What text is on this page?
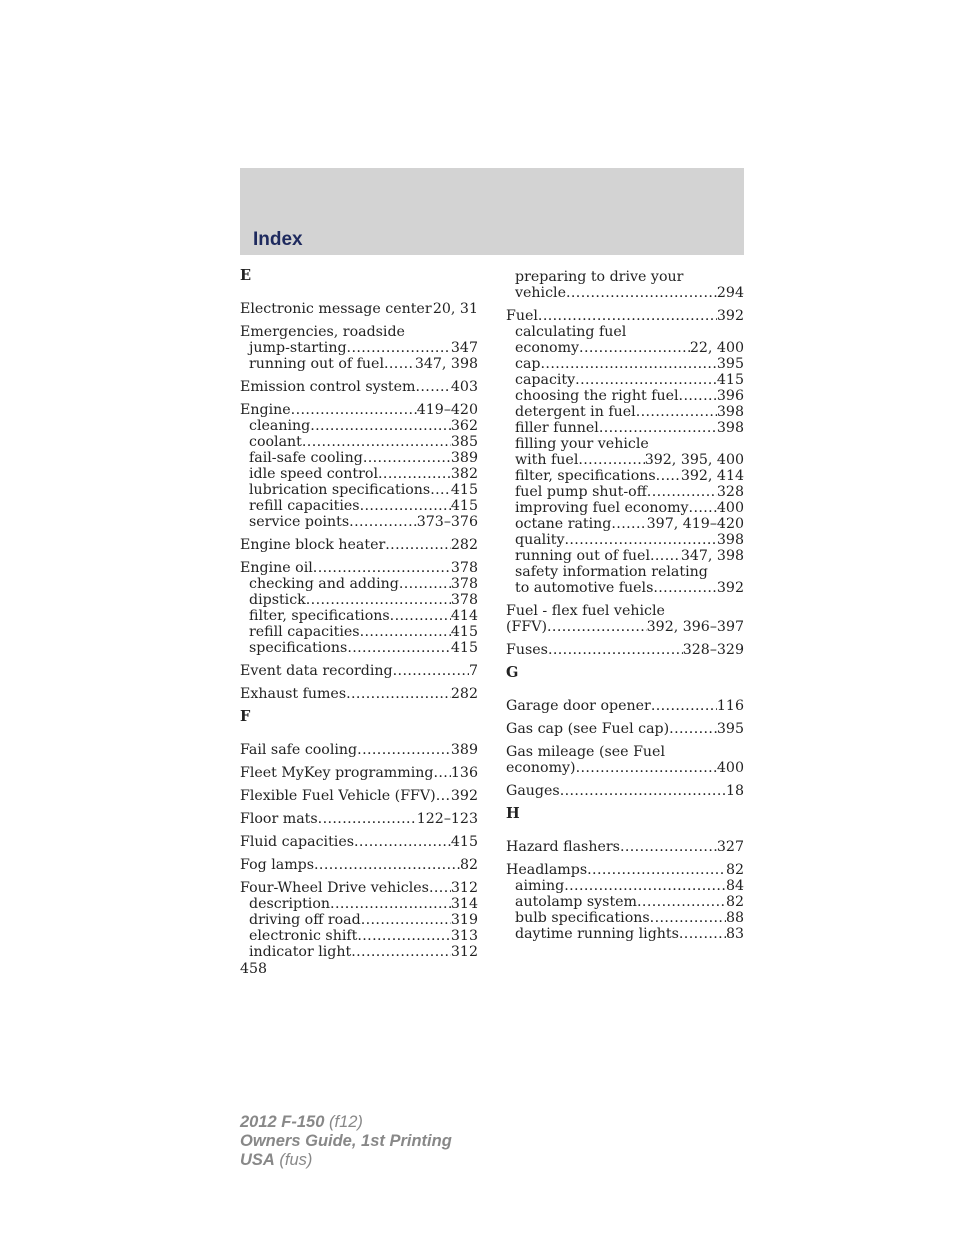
Index
E
Electronic message center ..... 20, 31
Emergencies, roadside
jump-starting .....	347
running out of fuel ..... 347, 398
Emission control system ..... 403
Engine .....	419–420
cleaning .....	362
coolant .....	385
fail-safe cooling .....	389
idle speed control .....	382
lubrication specifications ..... 415
refill capacities .....	415
service points .....	373–376
Engine block heater .....	282
Engine oil .....	378
checking and adding .....	378
dipstick .....	378
filter, specifications .....	414
refill capacities .....	415
specifications .....	415
Event data recording .....	7
Exhaust fumes .....	282
F
Fail safe cooling .....	389
Fleet MyKey programming ..... 136
Flexible Fuel Vehicle (FFV) ..... 392
Floor mats .....	122–123
Fluid capacities .....	415
Fog lamps .....	82
Four-Wheel Drive vehicles ..... 312
description .....	314
driving off road .....	319
electronic shift .....	313
indicator light .....	312
preparing to drive your
vehicle .....	294
Fuel .....	392
calculating fuel
economy .....	22, 400
cap .....	395
capacity .....	415
choosing the right fuel .....	396
detergent in fuel .....	398
filler funnel .....	398
filling your vehicle
with fuel .....	392, 395, 400
filter, specifications ..... 392, 414
fuel pump shut-off .....	328
improving fuel economy ..... 400
octane rating ..... 397, 419–420
quality .....	398
running out of fuel ..... 347, 398
safety information relating
to automotive fuels .....	392
Fuel - flex fuel vehicle
(FFV) .....	392, 396–397
Fuses .....	328–329
G
Garage door opener .....	116
Gas cap (see Fuel cap) .....	395
Gas mileage (see Fuel
economy) .....	400
Gauges .....	18
H
Hazard flashers .....	327
Headlamps .....	82
aiming .....	84
autolamp system .....	82
bulb specifications .....	88
daytime running lights .....	83
458
2012 F-150 (f12)
Owners Guide, 1st Printing
USA (fus)
